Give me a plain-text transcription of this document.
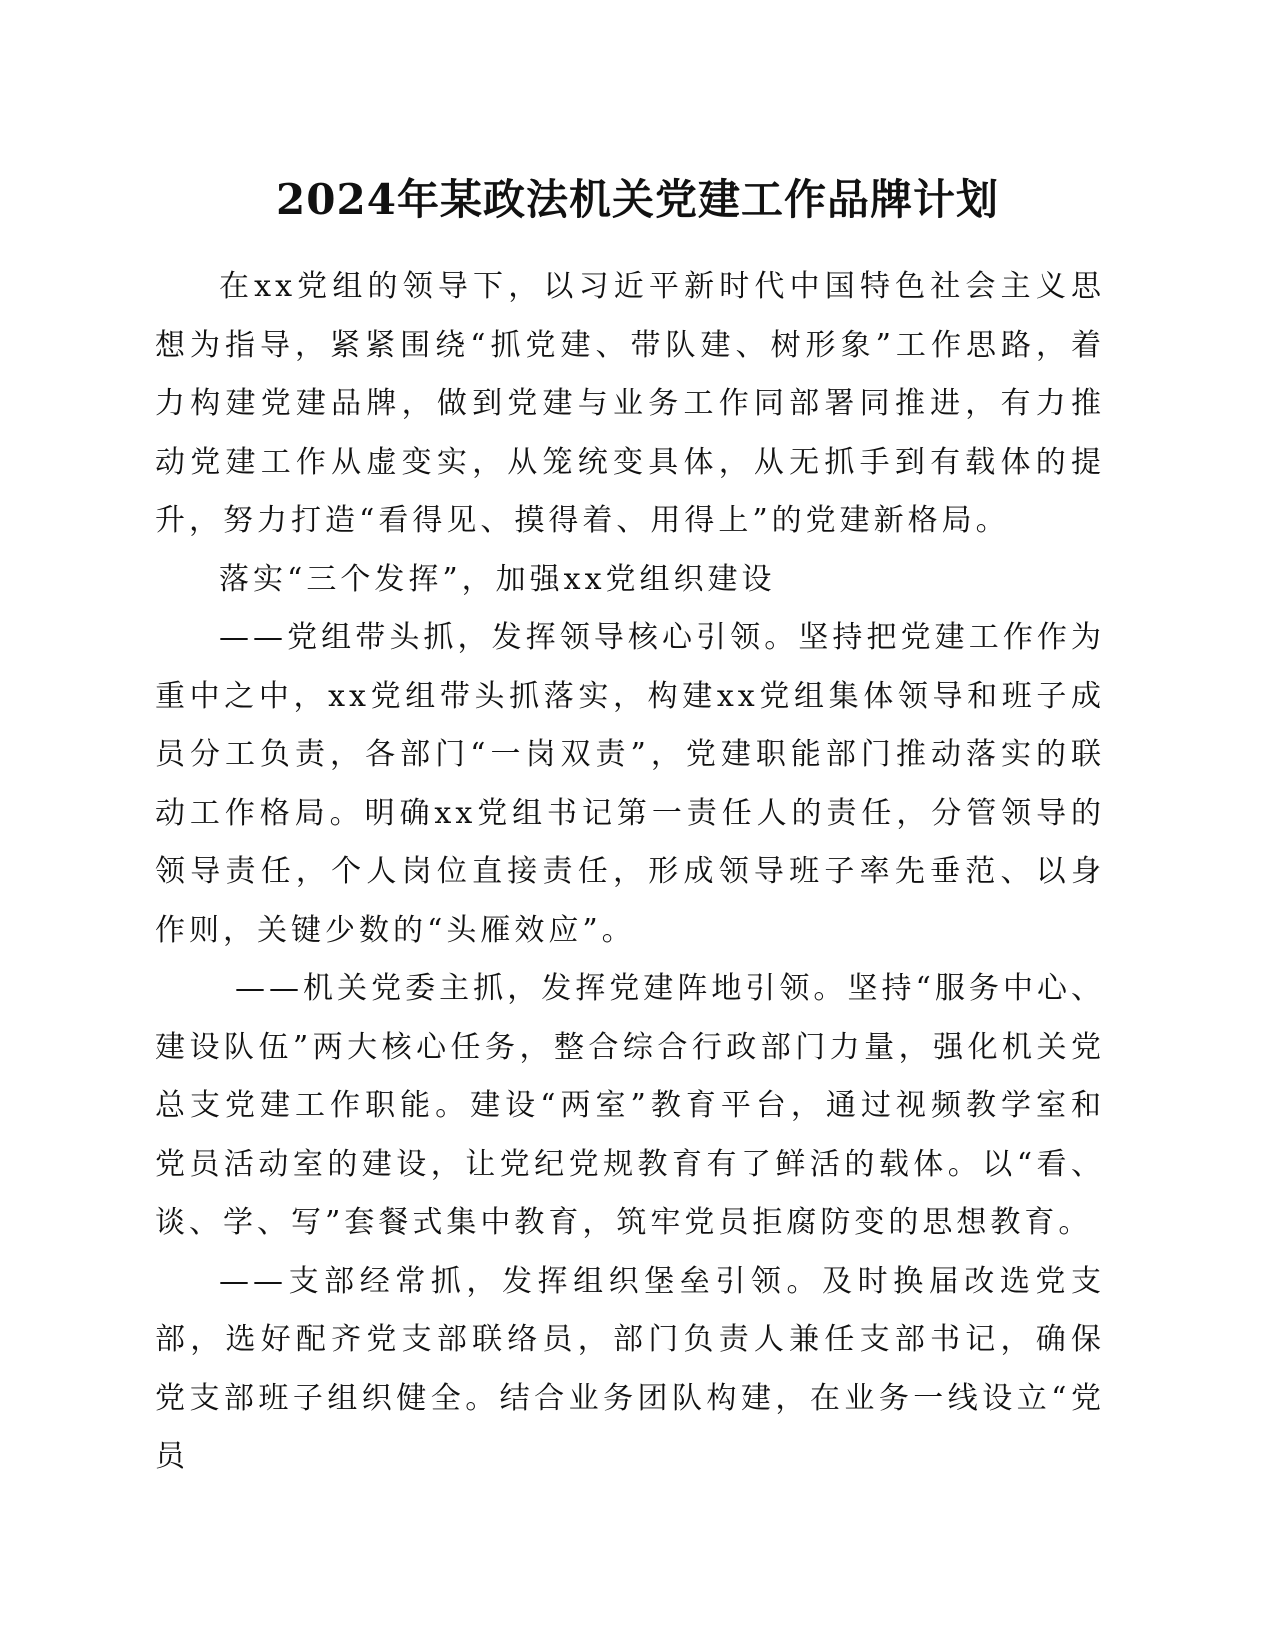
2024年某政法机关党建工作品牌计划

在xx党组的领导下，以习近平新时代中国特色社会主义思想为指导，紧紧围绕“抓党建、带队建、树形象”工作思路，着力构建党建品牌，做到党建与业务工作同部署同推进，有力推动党建工作从虚变实，从笼统变具体，从无抓手到有载体的提升，努力打造“看得见、摸得着、用得上”的党建新格局。

落实“三个发挥”，加强xx党组织建设

——党组带头抓，发挥领导核心引领。坚持把党建工作作为重中之中，xx党组带头抓落实，构建xx党组集体领导和班子成员分工负责，各部门“一岗双责”，党建职能部门推动落实的联动工作格局。明确xx党组书记第一责任人的责任，分管领导的领导责任，个人岗位直接责任，形成领导班子率先垂范、以身作则，关键少数的“头雁效应”。

——机关党委主抓，发挥党建阵地引领。坚持“服务中心、建设队伍”两大核心任务，整合综合行政部门力量，强化机关党总支党建工作职能。建设“两室”教育平台，通过视频教学室和党员活动室的建设，让党纪党规教育有了鲜活的载体。以“看、谈、学、写”套餐式集中教育，筑牢党员拒腐防变的思想教育。

——支部经常抓，发挥组织堡垒引领。及时换届改选党支部，选好配齐党支部联络员，部门负责人兼任支部书记，确保党支部班子组织健全。结合业务团队构建，在业务一线设立“党员
